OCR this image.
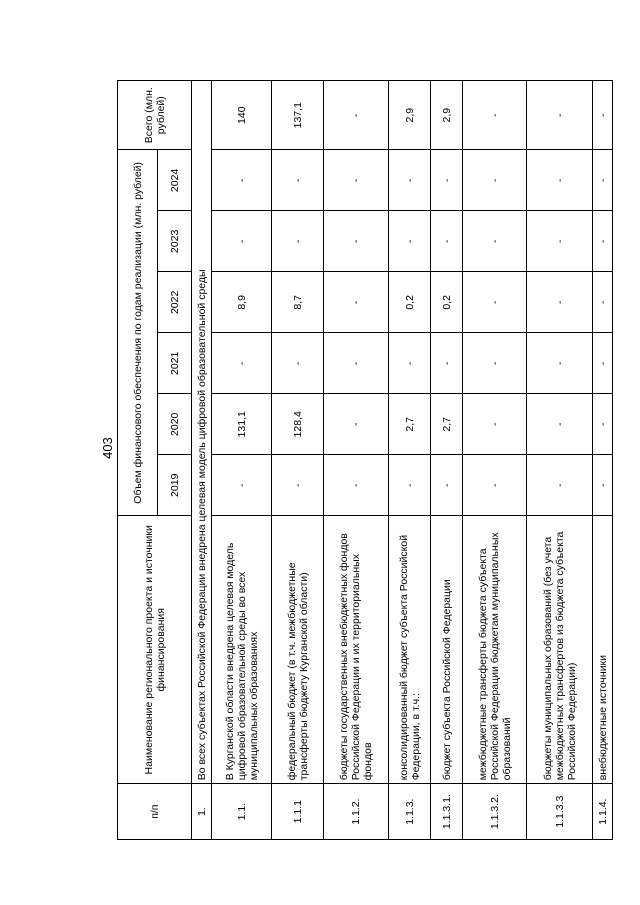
403
п/п	Наименование регионального проекта и источники финансирования	Объем финансового обеспечения по годам реализации (млн. рублей)						Всего (млн. рублей)
		2019	2020	2021	2022	2023	2024	
1.	Во всех субъектах Российской Федерации внедрена целевая модель цифровой образовательной среды							
1.1.	В Курганской области внедрена целевая модель цифровой образовательной среды во всех муниципальных образованиях	-	131,1	-	8,9	-	-	140
1.1.1	федеральный бюджет (в т.ч. межбюджетные трансферты бюджету Курганской области)	-	128,4	-	8,7	-	-	137,1
1.1.2.	бюджеты государственных внебюджетных фондов Российской Федерации и их территориальных фондов	-	-	-	-	-	-	-
1.1.3.	консолидированный бюджет субъекта Российской Федерации, в т.ч.:	-	2,7	-	0,2	-	-	2,9
1.1.3.1.	бюджет субъекта Российской Федерации	-	2,7	-	0,2	-	-	2,9
1.1.3.2.	межбюджетные трансферты бюджета субъекта Российской Федерации бюджетам муниципальных образований	-	-	-	-	-	-	-
1.1.3.3	бюджеты муниципальных образований (без учета межбюджетных трансфертов из бюджета субъекта Российской Федерации)	-	-	-	-	-	-	-
1.1.4.	внебюджетные источники	-	-	-	-	-	-	-
